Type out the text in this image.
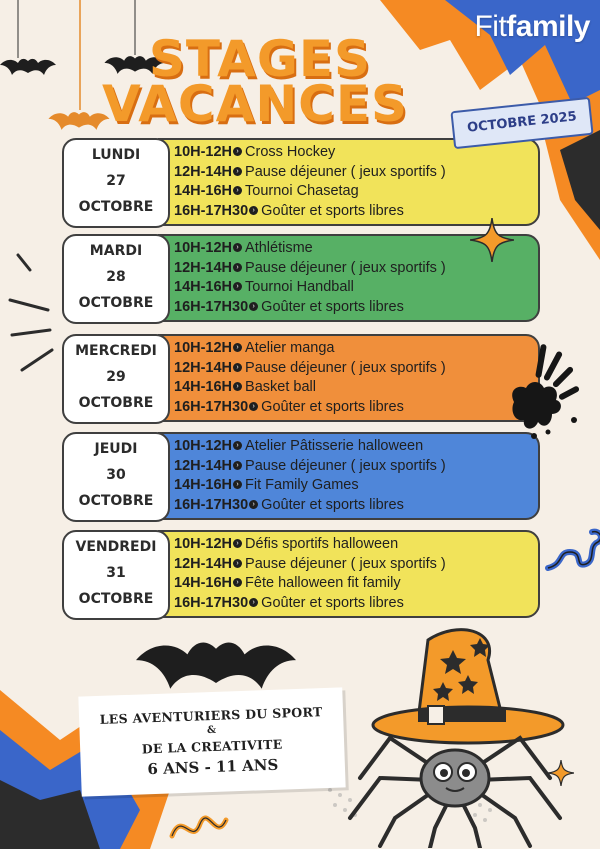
Fitfamily
STAGES
VACANCES	OCTOBRE 2025
LUNDI
27
OCTOBRE
10H-12H › Cross Hockey
12H-14H › Pause déjeuner ( jeux sportifs )
14H-16H › Tournoi Chasetag
16H-17H30 › Goûter et sports libres
MARDI
28
OCTOBRE
10H-12H › Athlétisme
12H-14H › Pause déjeuner ( jeux sportifs )
14H-16H › Tournoi Handball
16H-17H30 › Goûter et sports libres
MERCREDI
29
OCTOBRE
10H-12H › Atelier manga
12H-14H › Pause déjeuner ( jeux sportifs )
14H-16H › Basket ball
16H-17H30 › Goûter et sports libres
JEUDI
30
OCTOBRE
10H-12H › Atelier Pâtisserie halloween
12H-14H › Pause déjeuner ( jeux sportifs )
14H-16H › Fit Family Games
16H-17H30 › Goûter et sports libres
VENDREDI
31
OCTOBRE
10H-12H › Défis sportifs halloween
12H-14H › Pause déjeuner ( jeux sportifs )
14H-16H › Fête halloween fit family
16H-17H30 › Goûter et sports libres
LES AVENTURIERS DU SPORT
&
DE LA CREATIVITE
6 ANS - 11 ANS
